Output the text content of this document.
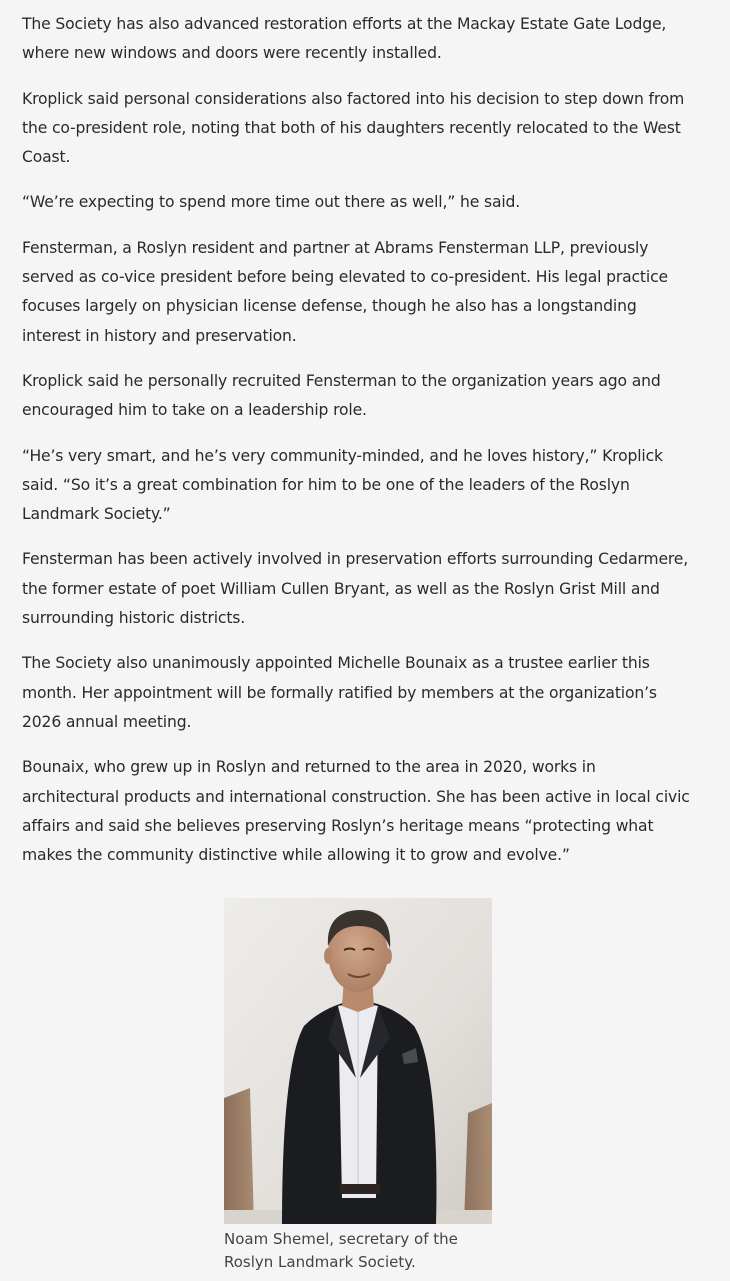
The Society has also advanced restoration efforts at the Mackay Estate Gate Lodge, where new windows and doors were recently installed.

Kroplick said personal considerations also factored into his decision to step down from the co-president role, noting that both of his daughters recently relocated to the West Coast.

“We’re expecting to spend more time out there as well,” he said.

Fensterman, a Roslyn resident and partner at Abrams Fensterman LLP, previously served as co-vice president before being elevated to co-president. His legal practice focuses largely on physician license defense, though he also has a longstanding interest in history and preservation.

Kroplick said he personally recruited Fensterman to the organization years ago and encouraged him to take on a leadership role.

“He’s very smart, and he’s very community-minded, and he loves history,” Kroplick said. “So it’s a great combination for him to be one of the leaders of the Roslyn Landmark Society.”

Fensterman has been actively involved in preservation efforts surrounding Cedarmere, the former estate of poet William Cullen Bryant, as well as the Roslyn Grist Mill and surrounding historic districts.

The Society also unanimously appointed Michelle Bounaix as a trustee earlier this month. Her appointment will be formally ratified by members at the organization’s 2026 annual meeting.

Bounaix, who grew up in Roslyn and returned to the area in 2020, works in architectural products and international construction. She has been active in local civic affairs and said she believes preserving Roslyn’s heritage means “protecting what makes the community distinctive while allowing it to grow and evolve.”

Noam Shemel, secretary of the Roslyn Landmark Society.
